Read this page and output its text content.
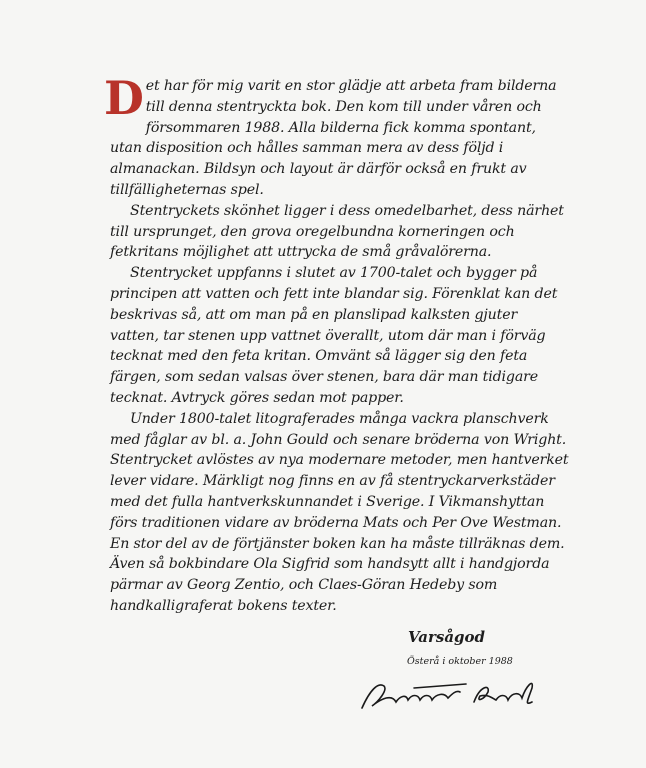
Det har för mig varit en stor glädje att arbeta fram bilderna till denna stentryckta bok. Den kom till under våren och försommaren 1988. Alla bilderna fick komma spontant, utan disposition och hålles samman mera av dess följd i almanackan. Bildsyn och layout är därför också en frukt av tillfälligheternas spel.

Stentryckets skönhet ligger i dess omedelbarhet, dess närhet till ursprunget, den grova oregelbundna korneringen och fetkritans möjlighet att uttrycka de små gråvalörerna.

Stentrycket uppfanns i slutet av 1700-talet och bygger på principen att vatten och fett inte blandar sig. Förenklat kan det beskrivas så, att om man på en planslipad kalksten gjuter vatten, tar stenen upp vattnet överallt, utom där man i förväg tecknat med den feta kritan. Omvänt så lägger sig den feta färgen, som sedan valsas över stenen, bara där man tidigare tecknat. Avtryck göres sedan mot papper.

Under 1800-talet litograferades många vackra planschverk med fåglar av bl. a. John Gould och senare bröderna von Wright. Stentrycket avlöstes av nya modernare metoder, men hantverket lever vidare. Märkligt nog finns en av få stentryckarverkstäder med det fulla hantverkskunnandet i Sverige. I Vikmanshyttan förs traditionen vidare av bröderna Mats och Per Ove Westman. En stor del av de förtjänster boken kan ha måste tillräknas dem. Även så bokbindare Ola Sigfrid som handsytt allt i handgjorda pärmar av Georg Zentio, och Claes-Göran Hedeby som handkalligraferat bokens texter.

Varsågod
Österå i oktober 1988
